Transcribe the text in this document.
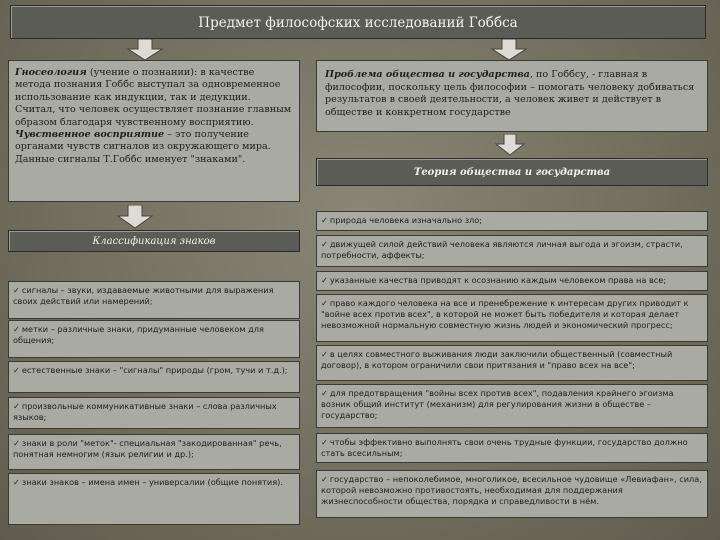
Предмет философских исследований Гоббса
Гносеология (учение о познании): в качестве метода познания Гоббс выступал за одновременное использование как индукции, так и дедукции. Считал, что человек осуществляет познание главным образом благодаря чувственному восприятию. Чувственное восприятие – это получение органами чувств сигналов из окружающего мира. Данные сигналы Т.Гоббс именует "знаками".
Проблема общества и государства, по Гоббсу, - главная в философии, поскольку цель философии – помогать человеку добиваться результатов в своей деятельности, а человек живет и действует в обществе и конкретном государстве
Теория общества и государства
Классификация знаков
✓ сигналы – звуки, издаваемые животными для выражения своих действий или намерений;
✓ метки – различные знаки, придуманные человеком для общения;
✓ естественные знаки – "сигналы" природы (гром, тучи и т.д.);
✓ произвольные коммуникативные знаки – слова различных языков;
✓ знаки в роли "меток"- специальная "закодированная" речь, понятная немногим (язык религии и др.);
✓ знаки знаков – имена имен – универсалии (общие понятия).
✓ природа человека изначально зло;
✓ движущей силой действий человека являются личная выгода и эгоизм, страсти, потребности, аффекты;
✓ указанные качества приводят к осознанию каждым человеком права на все;
✓ право каждого человека на все и пренебрежение к интересам других приводит к "войне всех против всех", в которой не может быть победителя и которая делает невозможной нормальную совместную жизнь людей и экономический прогресс;
✓ в целях совместного выживания люди заключили общественный (совместный договор), в котором ограничили свои притязания и "право всех на все";
✓ для предотвращения "войны всех против всех", подавления крайнего эгоизма возник общий институт (механизм) для регулирования жизни в обществе – государство;
✓ чтобы эффективно выполнять свои очень трудные функции, государство должно стать всесильным;
✓ государство – непоколебимое, многоликое, всесильное чудовище «Левиафан», сила, которой невозможно противостоять, необходимая для поддержания жизнеспособности общества, порядка и справедливости в нём.
